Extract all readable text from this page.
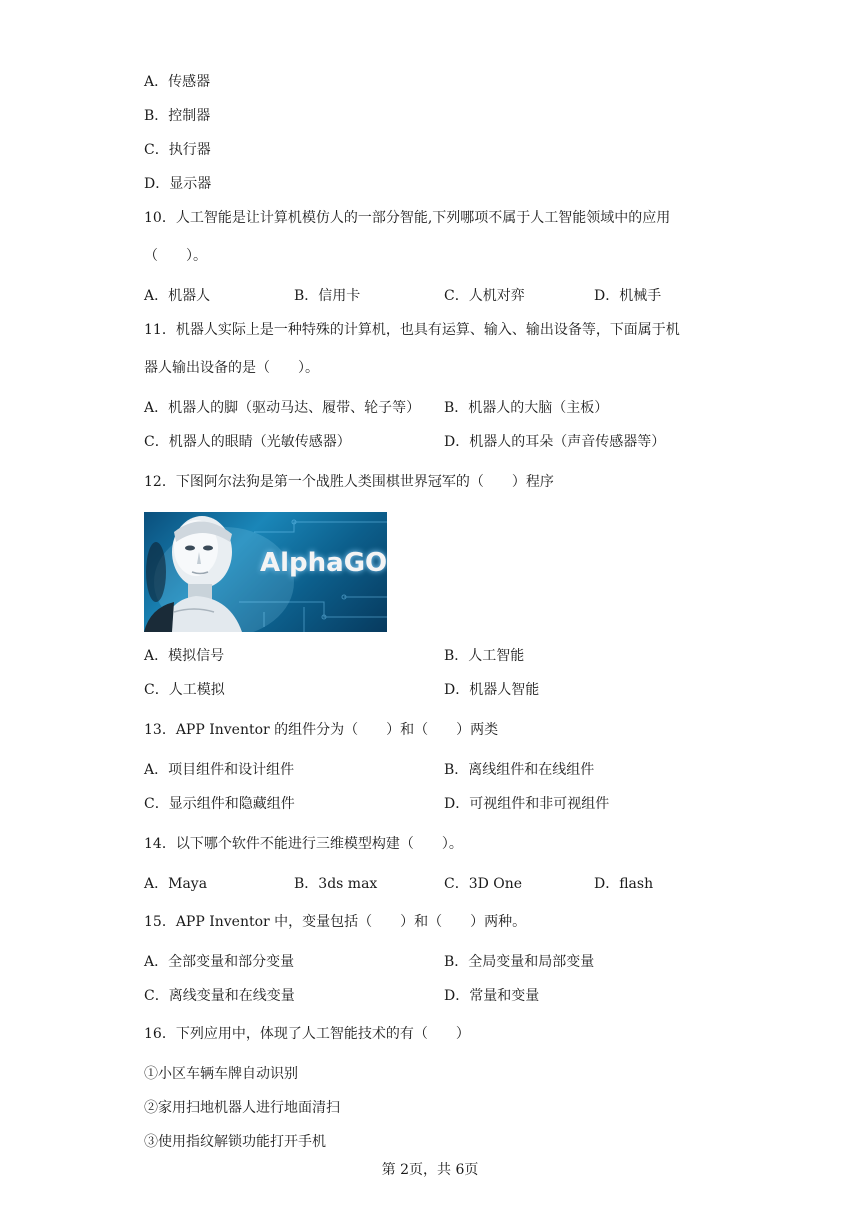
A．传感器
B．控制器
C．执行器
D．显示器
10．人工智能是让计算机模仿人的一部分智能,下列哪项不属于人工智能领域中的应用
（　　）。
A．机器人	B．信用卡	C．人机对弈	D．机械手
11．机器人实际上是一种特殊的计算机，也具有运算、输入、输出设备等，下面属于机
器人输出设备的是（　　）。
A．机器人的脚（驱动马达、履带、轮子等） B．机器人的大脑（主板）
C．机器人的眼睛（光敏传感器）	D．机器人的耳朵（声音传感器等）
12．下图阿尔法狗是第一个战胜人类围棋世界冠军的（　　）程序
AlphaGO
A．模拟信号	B．人工智能
C．人工模拟	D．机器人智能
13．APP Inventor 的组件分为（　　）和（　　）两类
A．项目组件和设计组件	B．离线组件和在线组件
C．显示组件和隐藏组件	D．可视组件和非可视组件
14．以下哪个软件不能进行三维模型构建（　　）。
A．Maya	B．3ds max	C．3D One	D．flash
15．APP Inventor 中，变量包括（　　）和（　　）两种。
A．全部变量和部分变量	B．全局变量和局部变量
C．离线变量和在线变量	D．常量和变量
16．下列应用中，体现了人工智能技术的有（　　）
①小区车辆车牌自动识别
②家用扫地机器人进行地面清扫
③使用指纹解锁功能打开手机
第 2页，共 6页
